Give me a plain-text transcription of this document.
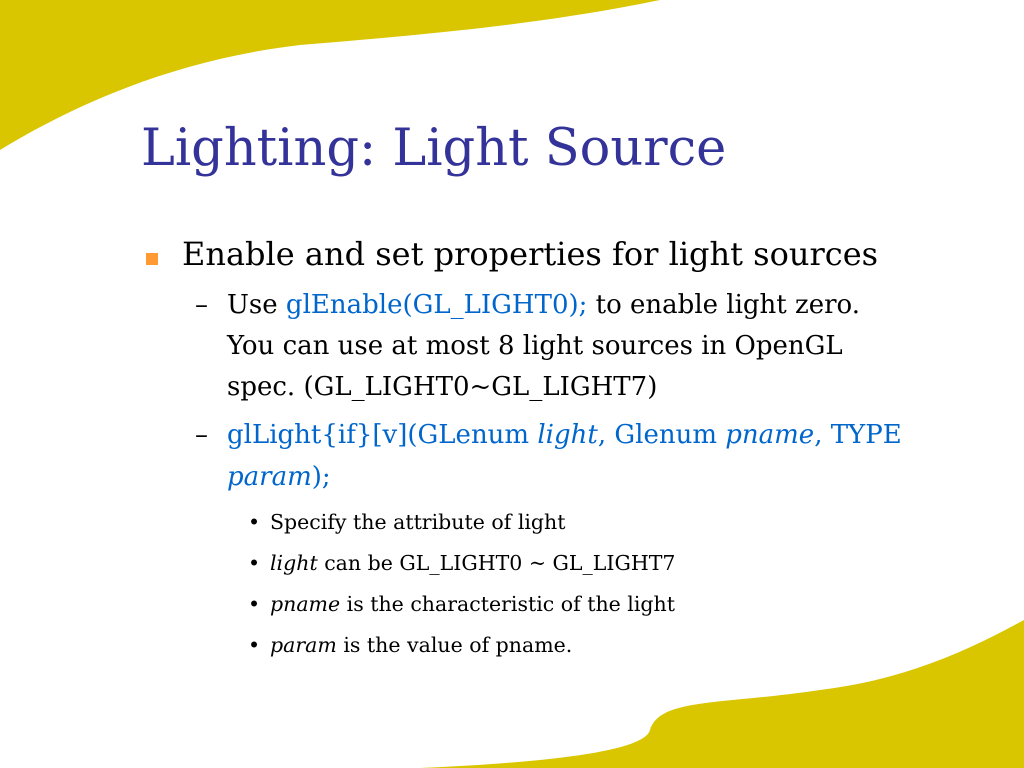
Lighting: Light Source

Enable and set properties for light sources

– Use glEnable(GL_LIGHT0); to enable light zero.

You can use at most 8 light sources in OpenGL

spec. (GL_LIGHT0~GL_LIGHT7)

– glLight{if}[v](GLenum light, Glenum pname, TYPE

param);

• Specify the attribute of light

• light can be GL_LIGHT0 ~ GL_LIGHT7

• pname is the characteristic of the light

• param is the value of pname.
